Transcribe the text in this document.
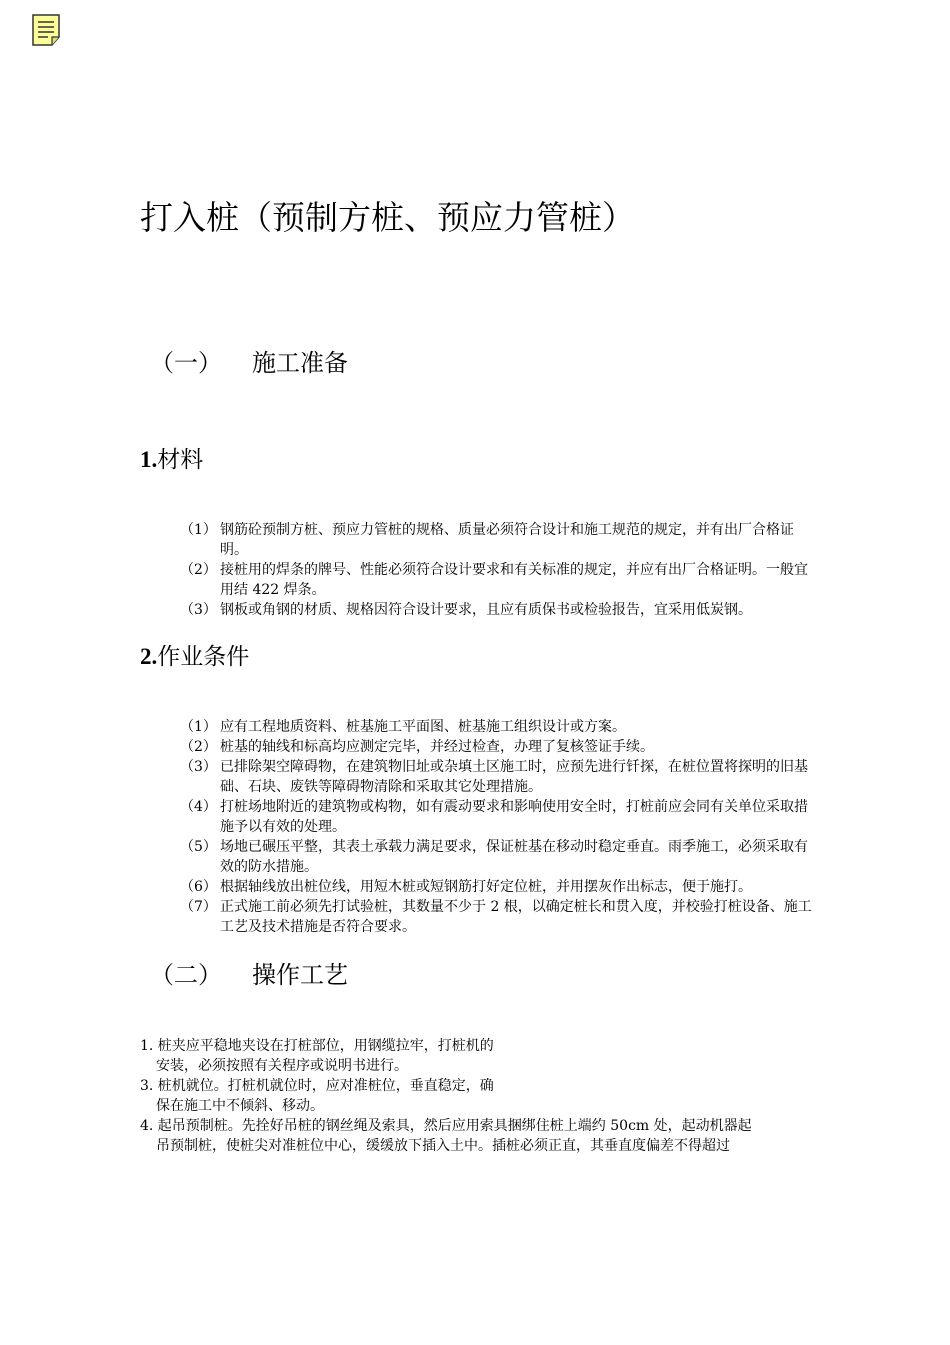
打入桩（预制方桩、预应力管桩）
（一） 施工准备
1.材料
（1） 钢筋砼预制方桩、预应力管桩的规格、质量必须符合设计和施工规范的规定，并有出厂合格证明。
（2） 接桩用的焊条的牌号、性能必须符合设计要求和有关标准的规定，并应有出厂合格证明。一般宜用结 422 焊条。
（3） 钢板或角钢的材质、规格因符合设计要求，且应有质保书或检验报告，宜采用低炭钢。
2.作业条件
（1） 应有工程地质资料、桩基施工平面图、桩基施工组织设计或方案。
（2） 桩基的轴线和标高均应测定完毕，并经过检查，办理了复核签证手续。
（3） 已排除架空障碍物，在建筑物旧址或杂填土区施工时，应预先进行钎探，在桩位置将探明的旧基础、石块、废铁等障碍物清除和采取其它处理措施。
（4） 打桩场地附近的建筑物或构物，如有震动要求和影响使用安全时，打桩前应会同有关单位采取措施予以有效的处理。
（5） 场地已碾压平整，其表土承载力满足要求，保证桩基在移动时稳定垂直。雨季施工，必须采取有效的防水措施。
（6） 根据轴线放出桩位线，用短木桩或短钢筋打好定位桩，并用摆灰作出标志，便于施打。
（7） 正式施工前必须先打试验桩，其数量不少于 2 根，以确定桩长和贯入度，并校验打桩设备、施工工艺及技术措施是否符合要求。
（二） 操作工艺
1. 桩夹应平稳地夹设在打桩部位，用钢缆拉牢，打桩机的
安装，必须按照有关程序或说明书进行。
3. 桩机就位。打桩机就位时，应对准桩位，垂直稳定，确
保在施工中不倾斜、移动。
4. 起吊预制桩。先拴好吊桩的钢丝绳及索具，然后应用索具捆绑住桩上端约 50cm 处，起动机器起
吊预制桩，使桩尖对准桩位中心，缓缓放下插入土中。插桩必须正直，其垂直度偏差不得超过
